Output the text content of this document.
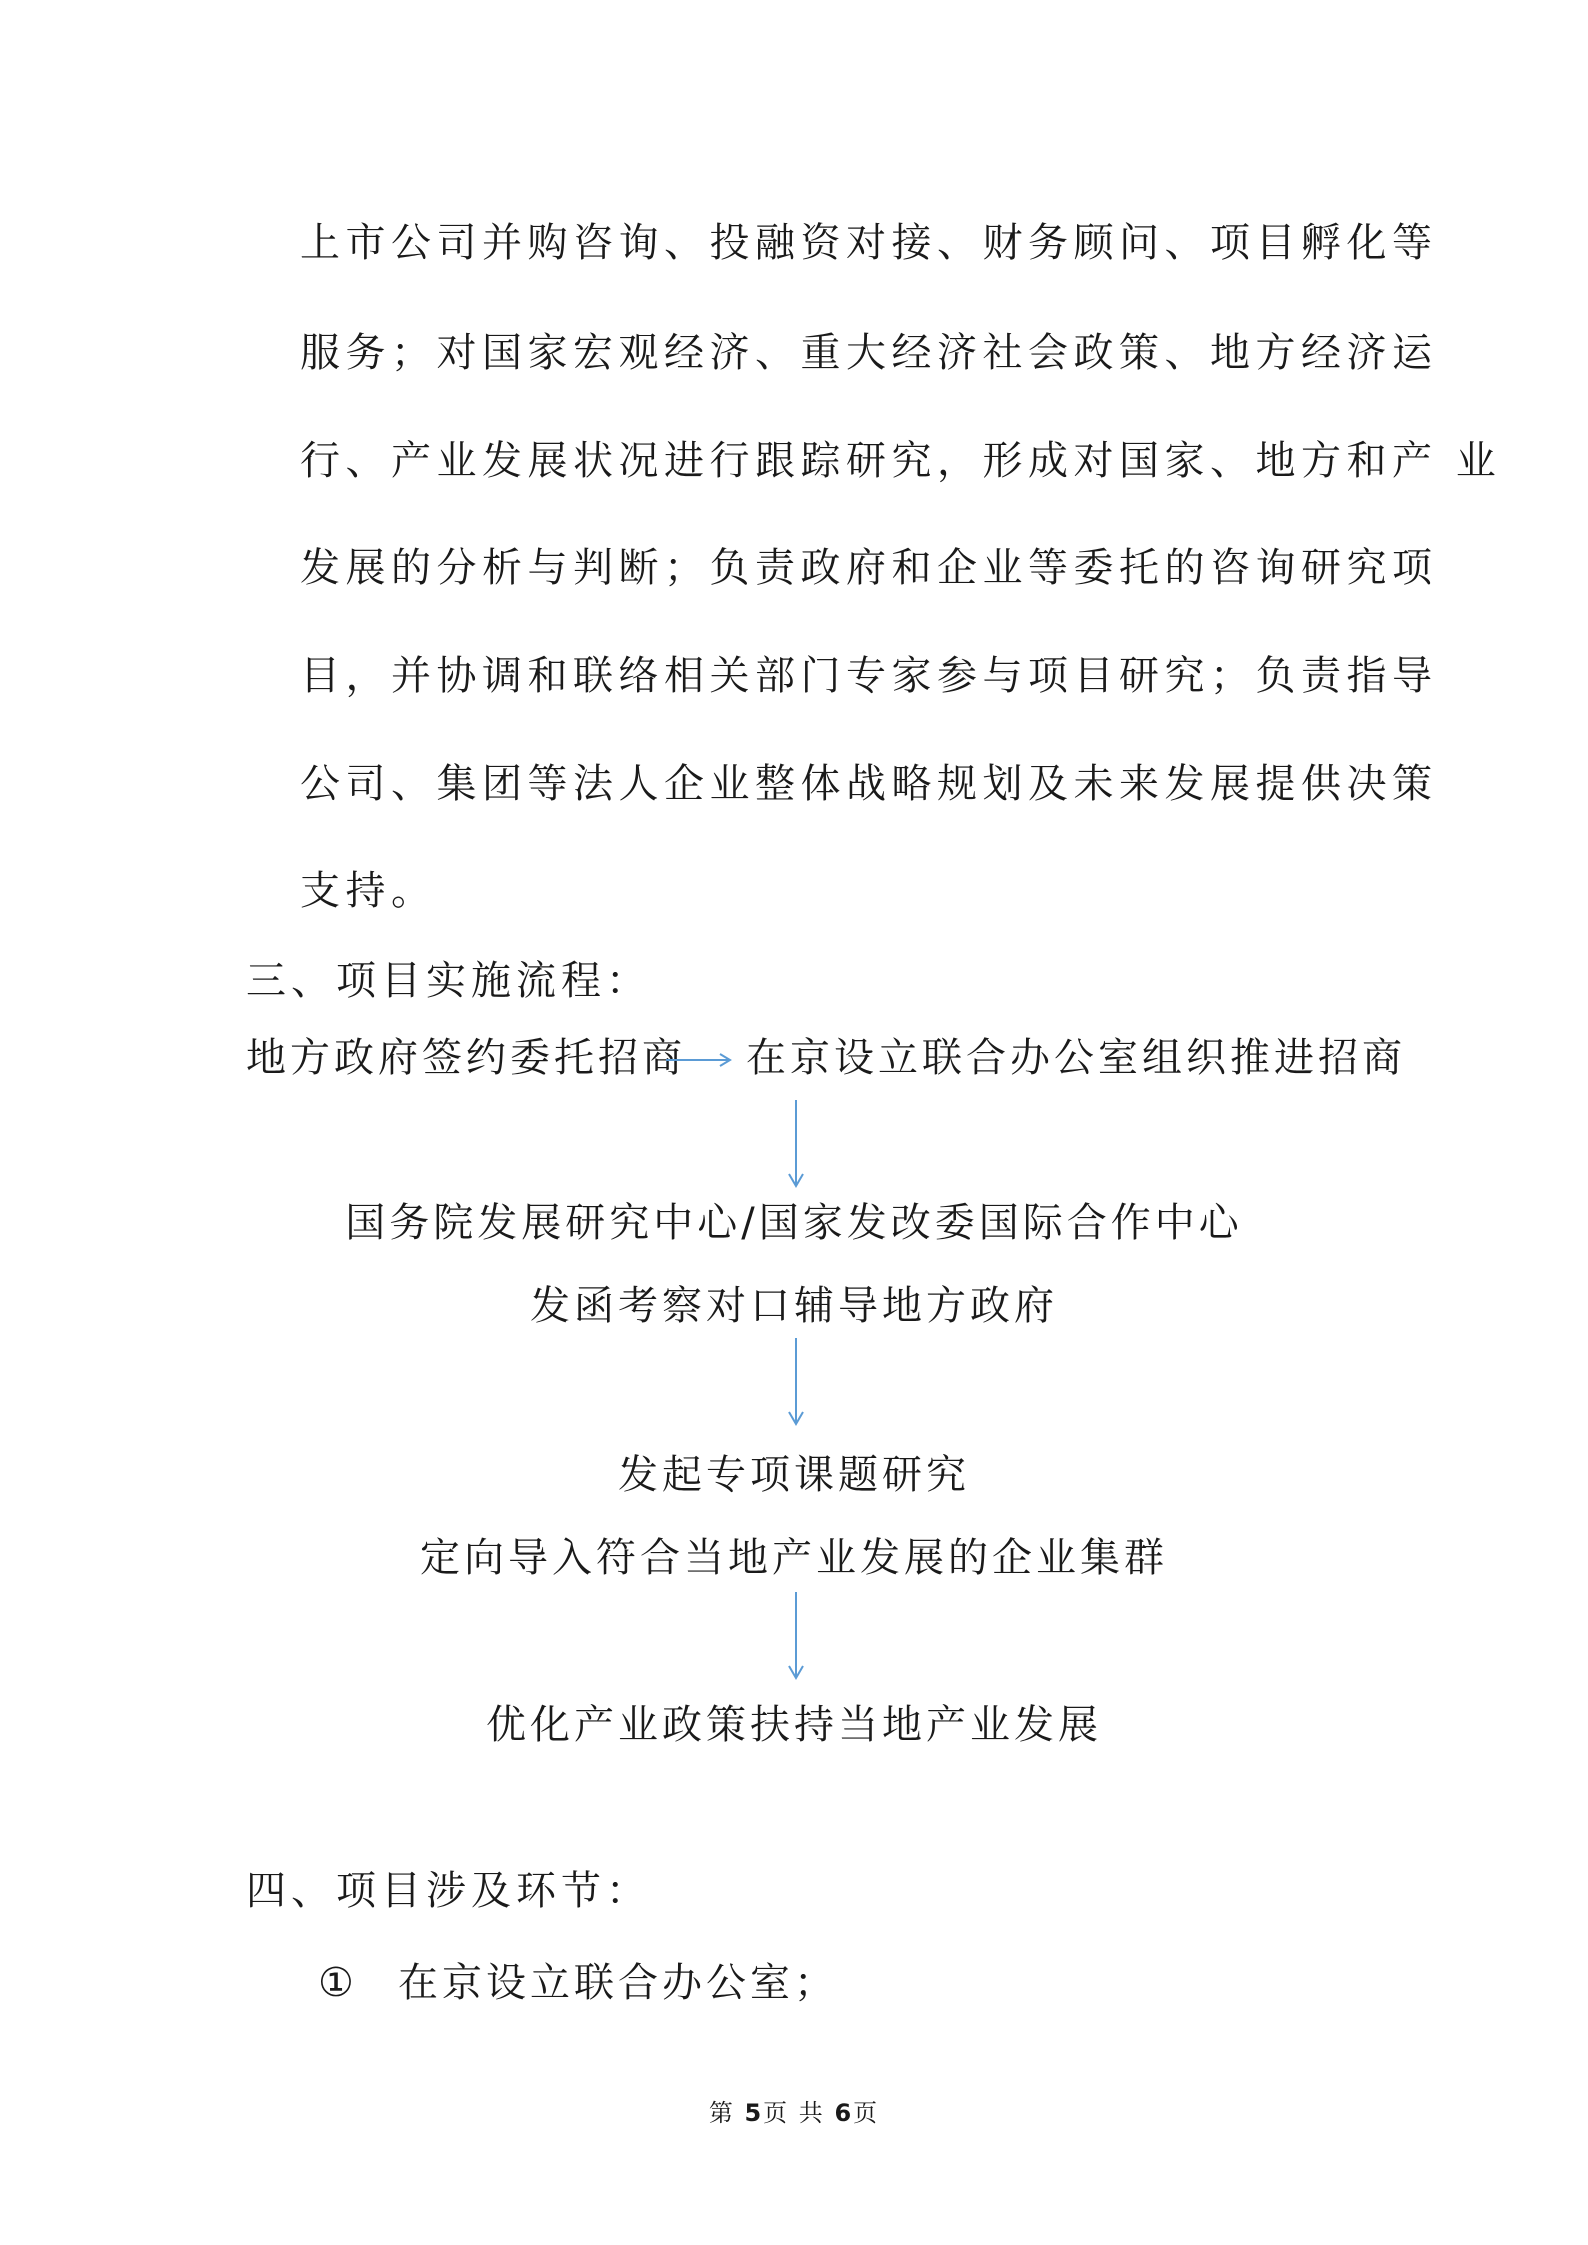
上市公司并购咨询、投融资对接、财务顾问、项目孵化等
服务；对国家宏观经济、重大经济社会政策、地方经济运
行、产业发展状况进行跟踪研究，形成对国家、地方和产 业
发展的分析与判断；负责政府和企业等委托的咨询研究项
目，并协调和联络相关部门专家参与项目研究；负责指导
公司、集团等法人企业整体战略规划及未来发展提供决策
支持。
三、项目实施流程：
地方政府签约委托招商 在京设立联合办公室组织推进招商
国务院发展研究中心/国家发改委国际合作中心
发函考察对口辅导地方政府
发起专项课题研究
定向导入符合当地产业发展的企业集群
优化产业政策扶持当地产业发展
四、项目涉及环节：
① 在京设立联合办公室；
第 5页 共 6页
